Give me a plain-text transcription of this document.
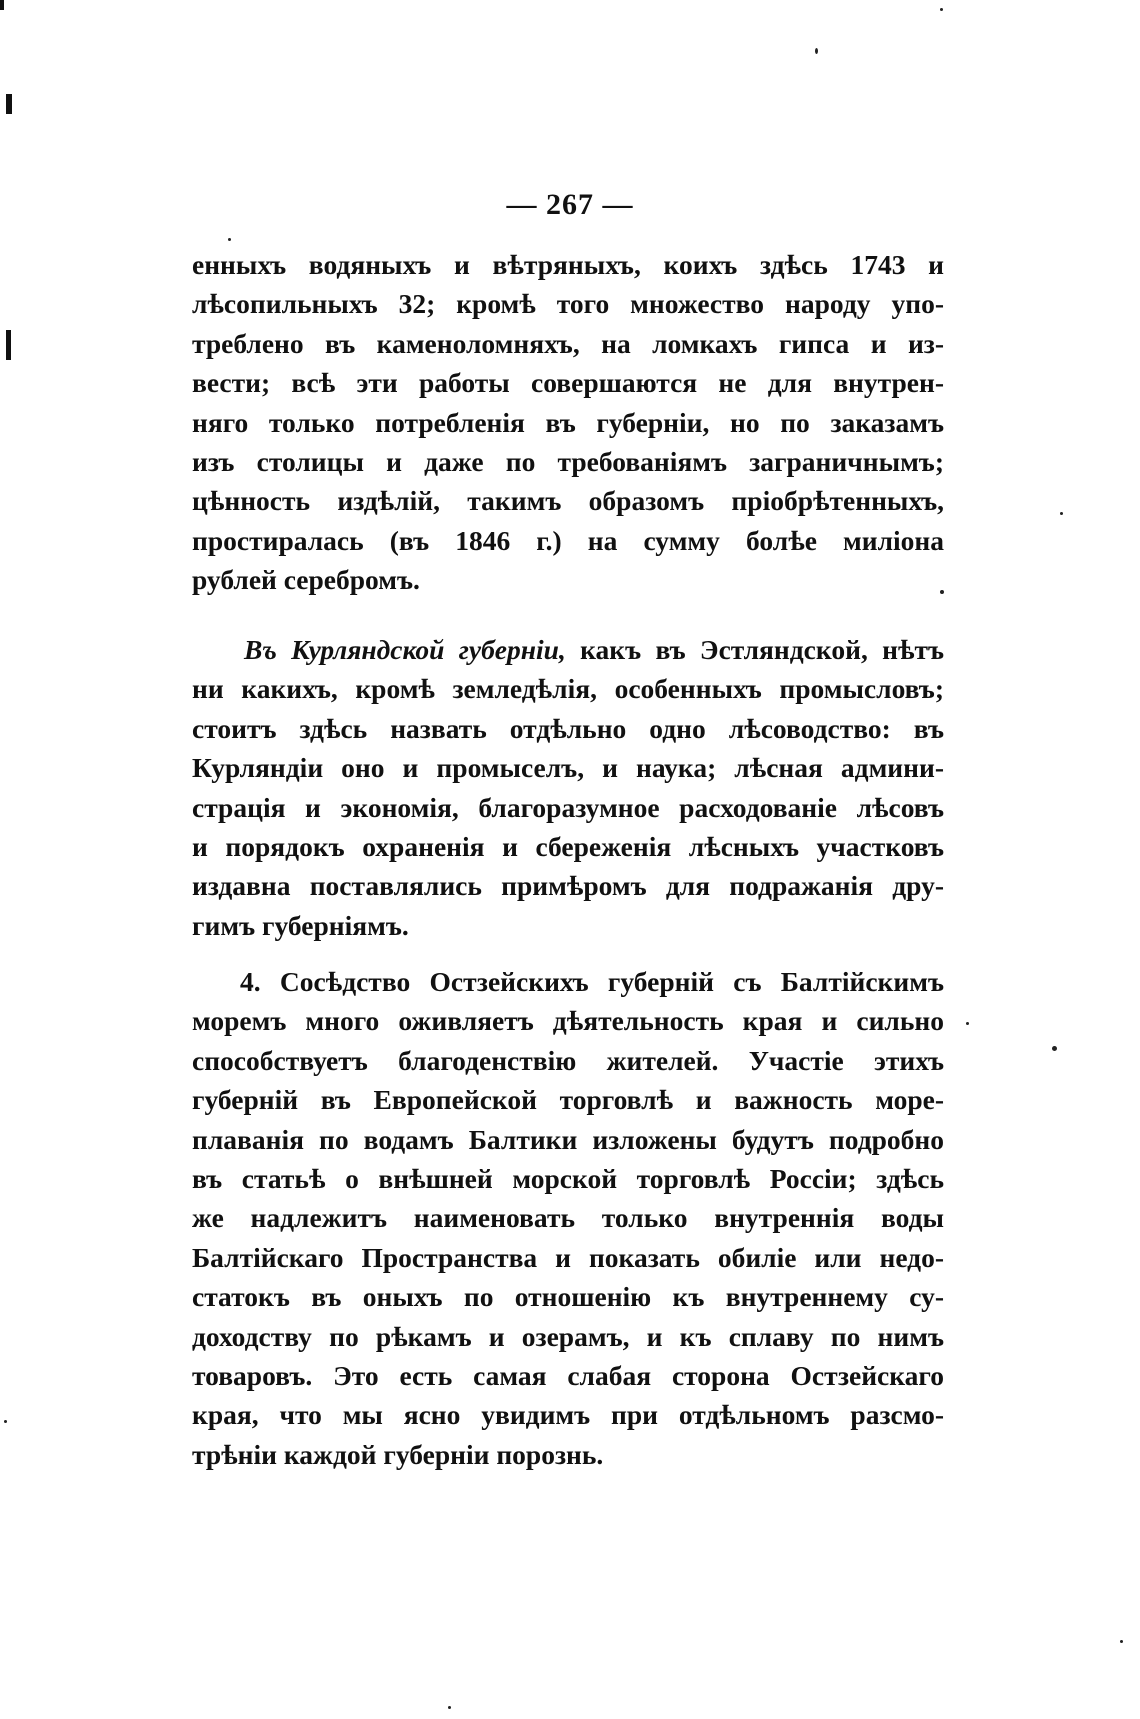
— 267 —
енныхъ водяныхъ и вѣтряныхъ, коихъ здѣсь 1743 и
лѣсопильныхъ 32; кромѣ того множество народу упо-
треблено въ каменоломняхъ, на ломкахъ гипса и из-
вести; всѣ эти работы совершаются не для внутрен-
няго только потребленія въ губерніи, но по заказамъ
изъ столицы и даже по требованіямъ заграничнымъ;
цѣнность издѣлій, такимъ образомъ пріобрѣтенныхъ,
простиралась (въ 1846 г.) на сумму болѣе миліона
рублей серебромъ.
Въ Курляндской губерніи, какъ въ Эстляндской, нѣтъ
ни какихъ, кромѣ земледѣлія, особенныхъ промысловъ;
стоитъ здѣсь назвать отдѣльно одно лѣсоводство: въ
Курляндіи оно и промыселъ, и наука; лѣсная админи-
страція и экономія, благоразумное расходованіе лѣсовъ
и порядокъ охраненія и сбереженія лѣсныхъ участковъ
издавна поставлялись примѣромъ для подражанія дру-
гимъ губерніямъ.
4. Сосѣдство Остзейскихъ губерній съ Балтійскимъ
моремъ много оживляетъ дѣятельность края и сильно
способствуетъ благоденствію жителей. Участіе этихъ
губерній въ Европейской торговлѣ и важность море-
плаванія по водамъ Балтики изложены будутъ подробно
въ статьѣ о внѣшней морской торговлѣ Россіи; здѣсь
же надлежитъ наименовать только внутреннія воды
Балтійскаго Пространства и показать обиліе или недо-
статокъ въ оныхъ по отношенію къ внутреннему су-
доходству по рѣкамъ и озерамъ, и къ сплаву по нимъ
товаровъ. Это есть самая слабая сторона Остзейскаго
края, что мы ясно увидимъ при отдѣльномъ разсмо-
трѣніи каждой губерніи порознь.
